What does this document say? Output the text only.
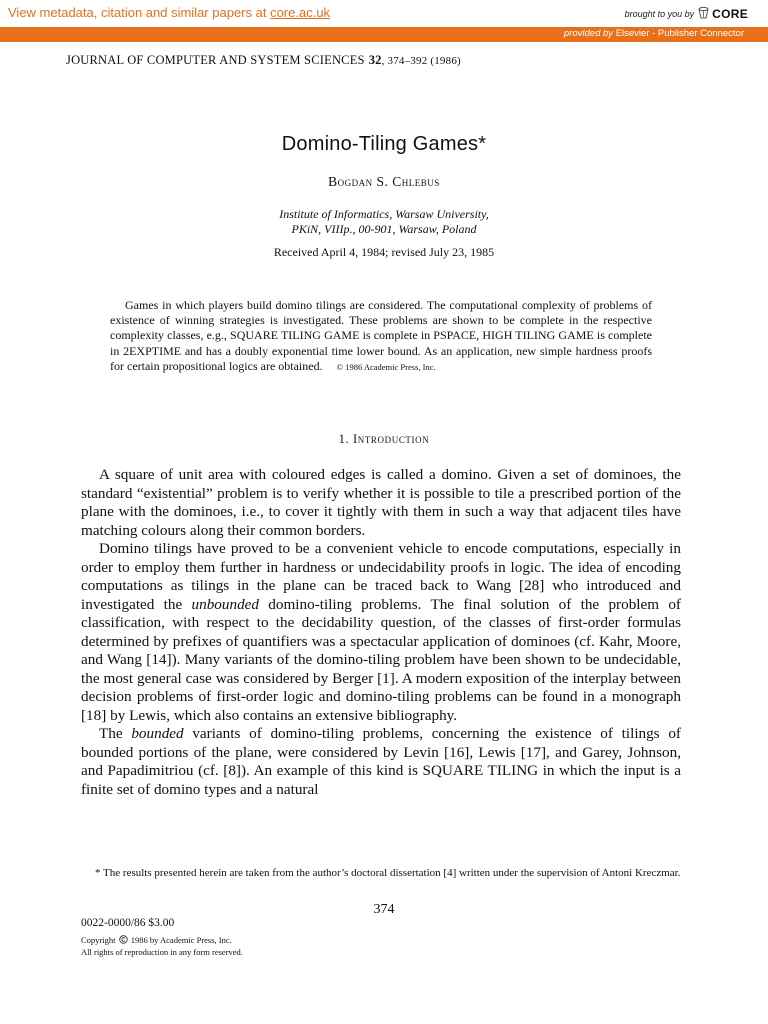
View metadata, citation and similar papers at core.ac.uk	brought to you by CORE
provided by Elsevier - Publisher Connector
JOURNAL OF COMPUTER AND SYSTEM SCIENCES 32, 374–392 (1986)
Domino-Tiling Games*
Bogdan S. Chlebus
Institute of Informatics, Warsaw University,
PKiN, VIIIp., 00-901, Warsaw, Poland
Received April 4, 1984; revised July 23, 1985

Games in which players build domino tilings are considered. The computational complexity of problems of existence of winning strategies is investigated. These problems are shown to be complete in the respective complexity classes, e.g., SQUARE TILING GAME is complete in PSPACE, HIGH TILING GAME is complete in 2EXPTIME and has a doubly exponential time lower bound. As an application, new simple hardness proofs for certain propositional logics are obtained. © 1986 Academic Press, Inc.

1. Introduction

A square of unit area with coloured edges is called a domino. Given a set of dominoes, the standard “existential” problem is to verify whether it is possible to tile a prescribed portion of the plane with the dominoes, i.e., to cover it tightly with them in such a way that adjacent tiles have matching colours along their common borders.

Domino tilings have proved to be a convenient vehicle to encode computations, especially in order to employ them further in hardness or undecidability proofs in logic. The idea of encoding computations as tilings in the plane can be traced back to Wang [28] who introduced and investigated the unbounded domino-tiling problems. The final solution of the problem of classification, with respect to the decidability question, of the classes of first-order formulas determined by prefixes of quantifiers was a spectacular application of dominoes (cf. Kahr, Moore, and Wang [14]). Many variants of the domino-tiling problem have been shown to be undecidable, the most general case was considered by Berger [1]. A modern exposition of the interplay between decision problems of first-order logic and domino-tiling problems can be found in a monograph [18] by Lewis, which also contains an extensive bibliography.

The bounded variants of domino-tiling problems, concerning the existence of tilings of bounded portions of the plane, were considered by Levin [16], Lewis [17], and Garey, Johnson, and Papadimitriou (cf. [8]). An example of this kind is SQUARE TILING in which the input is a finite set of domino types and a natural

* The results presented herein are taken from the author’s doctoral dissertation [4] written under the supervision of Antoni Kreczmar.

374
0022-0000/86 $3.00
Copyright 1986 by Academic Press, Inc.
All rights of reproduction in any form reserved.
